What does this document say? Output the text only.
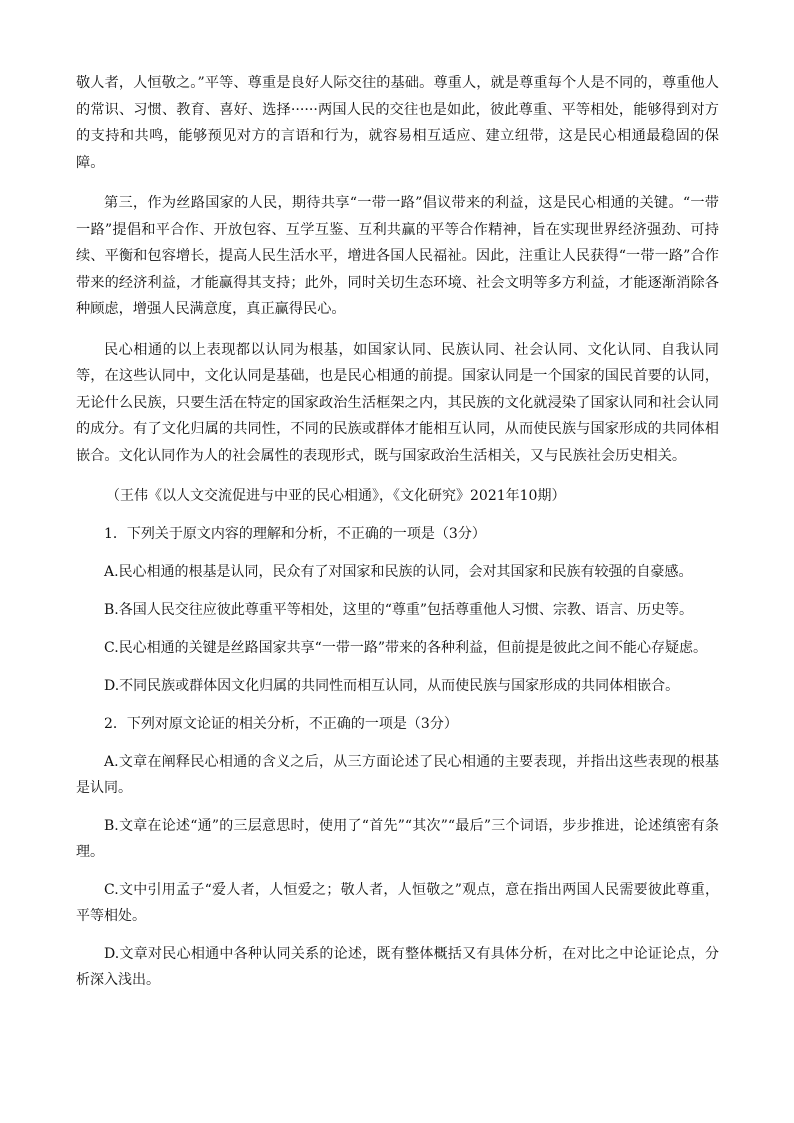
敬人者，人恒敬之。”平等、尊重是良好人际交往的基础。尊重人，就是尊重每个人是不同的，尊重他人的常识、习惯、教育、喜好、选择······两国人民的交往也是如此，彼此尊重、平等相处，能够得到对方的支持和共鸣，能够预见对方的言语和行为，就容易相互适应、建立纽带，这是民心相通最稳固的保障。

第三，作为丝路国家的人民，期待共享“一带一路”倡议带来的利益，这是民心相通的关键。“一带一路”提倡和平合作、开放包容、互学互鉴、互利共赢的平等合作精神，旨在实现世界经济强劲、可持续、平衡和包容增长，提高人民生活水平，增进各国人民福祉。因此，注重让人民获得“一带一路”合作带来的经济利益，才能赢得其支持；此外，同时关切生态环境、社会文明等多方利益，才能逐渐消除各种顾虑，增强人民满意度，真正赢得民心。

民心相通的以上表现都以认同为根基，如国家认同、民族认同、社会认同、文化认同、自我认同等，在这些认同中，文化认同是基础，也是民心相通的前提。国家认同是一个国家的国民首要的认同，无论什么民族，只要生活在特定的国家政治生活框架之内，其民族的文化就浸染了国家认同和社会认同的成分。有了文化归属的共同性，不同的民族或群体才能相互认同，从而使民族与国家形成的共同体相嵌合。文化认同作为人的社会属性的表现形式，既与国家政治生活相关，又与民族社会历史相关。

（王伟《以人文交流促进与中亚的民心相通》，《文化研究》2021年10期）

1．下列关于原文内容的理解和分析，不正确的一项是（3分）

A.民心相通的根基是认同，民众有了对国家和民族的认同，会对其国家和民族有较强的自豪感。

B.各国人民交往应彼此尊重平等相处，这里的“尊重”包括尊重他人习惯、宗教、语言、历史等。

C.民心相通的关键是丝路国家共享“一带一路”带来的各种利益，但前提是彼此之间不能心存疑虑。

D.不同民族或群体因文化归属的共同性而相互认同，从而使民族与国家形成的共同体相嵌合。

2．下列对原文论证的相关分析，不正确的一项是（3分）

A.文章在阐释民心相通的含义之后，从三方面论述了民心相通的主要表现，并指出这些表现的根基是认同。

B.文章在论述“通”的三层意思时，使用了“首先”“其次”“最后”三个词语，步步推进，论述缜密有条理。

C.文中引用孟子“爱人者，人恒爱之；敬人者，人恒敬之”观点，意在指出两国人民需要彼此尊重，平等相处。

D.文章对民心相通中各种认同关系的论述，既有整体概括又有具体分析，在对比之中论证论点，分析深入浅出。
